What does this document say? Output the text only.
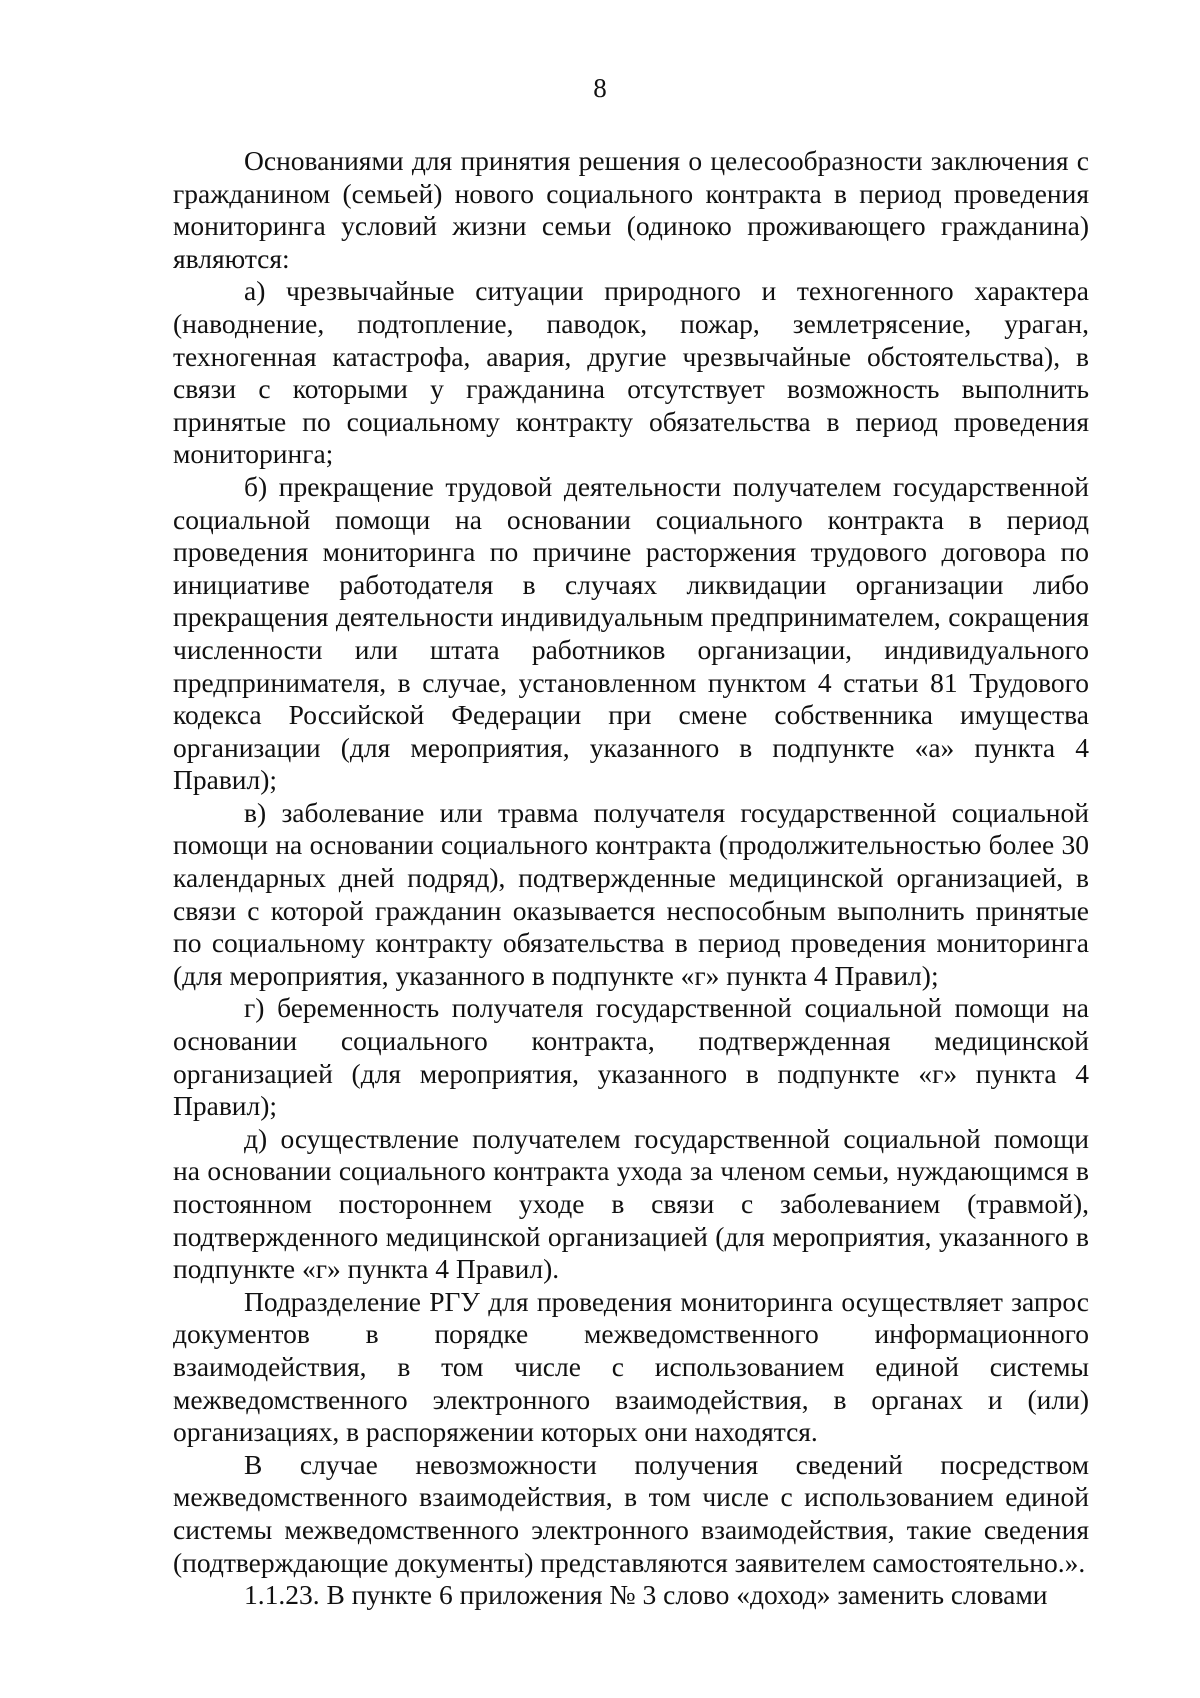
8

Основаниями для принятия решения о целесообразности заключения с гражданином (семьей) нового социального контракта в период проведения мониторинга условий жизни семьи (одиноко проживающего гражданина) являются:

а) чрезвычайные ситуации природного и техногенного характера (наводнение, подтопление, паводок, пожар, землетрясение, ураган, техногенная катастрофа, авария, другие чрезвычайные обстоятельства), в связи с которыми у гражданина отсутствует возможность выполнить принятые по социальному контракту обязательства в период проведения мониторинга;

б) прекращение трудовой деятельности получателем государственной социальной помощи на основании социального контракта в период проведения мониторинга по причине расторжения трудового договора по инициативе работодателя в случаях ликвидации организации либо прекращения деятельности индивидуальным предпринимателем, сокращения численности или штата работников организации, индивидуального предпринимателя, в случае, установленном пунктом 4 статьи 81 Трудового кодекса Российской Федерации при смене собственника имущества организации (для мероприятия, указанного в подпункте «а» пункта 4 Правил);

в) заболевание или травма получателя государственной социальной помощи на основании социального контракта (продолжительностью более 30 календарных дней подряд), подтвержденные медицинской организацией, в связи с которой гражданин оказывается неспособным выполнить принятые по социальному контракту обязательства в период проведения мониторинга (для мероприятия, указанного в подпункте «г» пункта 4 Правил);

г) беременность получателя государственной социальной помощи на основании социального контракта, подтвержденная медицинской организацией (для мероприятия, указанного в подпункте «г» пункта 4 Правил);

д) осуществление получателем государственной социальной помощи на основании социального контракта ухода за членом семьи, нуждающимся в постоянном постороннем уходе в связи с заболеванием (травмой), подтвержденного медицинской организацией (для мероприятия, указанного в подпункте «г» пункта 4 Правил).

Подразделение РГУ для проведения мониторинга осуществляет запрос документов в порядке межведомственного информационного взаимодействия, в том числе с использованием единой системы межведомственного электронного взаимодействия, в органах и (или) организациях, в распоряжении которых они находятся.

В случае невозможности получения сведений посредством межведомственного взаимодействия, в том числе с использованием единой системы межведомственного электронного взаимодействия, такие сведения (подтверждающие документы) представляются заявителем самостоятельно.».

1.1.23. В пункте 6 приложения № 3 слово «доход» заменить словами
